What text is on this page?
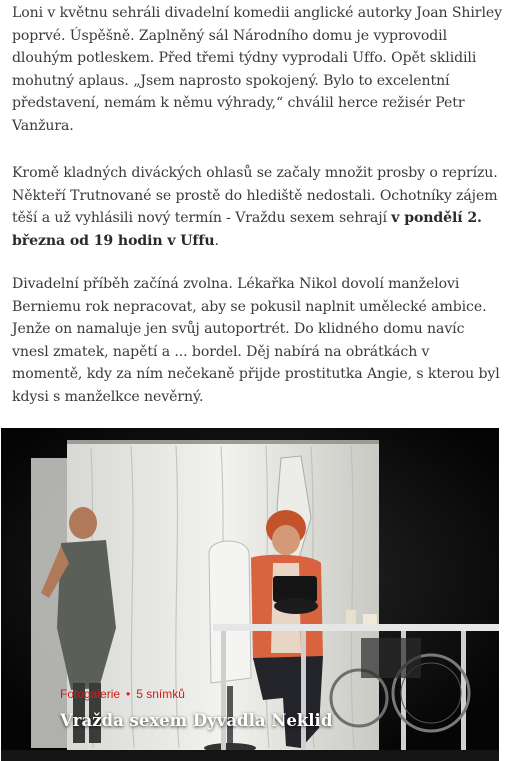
Loni v květnu sehráli divadelní komedii anglické autorky Joan Shirley poprvé. Úspěšně. Zaplněný sál Národního domu je vyprovodil dlouhým potleskem. Před třemi týdny vyprodali Uffo. Opět sklidili mohutný aplaus. „Jsem naprosto spokojený. Bylo to excelentní představení, nemám k němu výhrady,“ chválil herce režisér Petr Vanžura.

Kromě kladných diváckých ohlasů se začaly množit prosby o reprízu. Někteří Trutnované se prostě do hlediště nedostali. Ochotníky zájem těší a už vyhlásili nový termín - Vraždu sexem sehrají v pondělí 2. března od 19 hodin v Uffu.

Divadelní příběh začíná zvolna. Lékařka Nikol dovolí manželovi Berniemu rok nepracovat, aby se pokusil naplnit umělecké ambice. Jenže on namaluje jen svůj autoportrét. Do klidného domu navíc vnesl zmatek, napětí a ... bordel. Děj nabírá na obrátkách v momentě, kdy za ním nečekaně přijde prostitutka Angie, s kterou byl kdysi s manželkce nevěrný.

Fotogalerie • 5 snímků
Vražda sexem Dyvadla Neklid
